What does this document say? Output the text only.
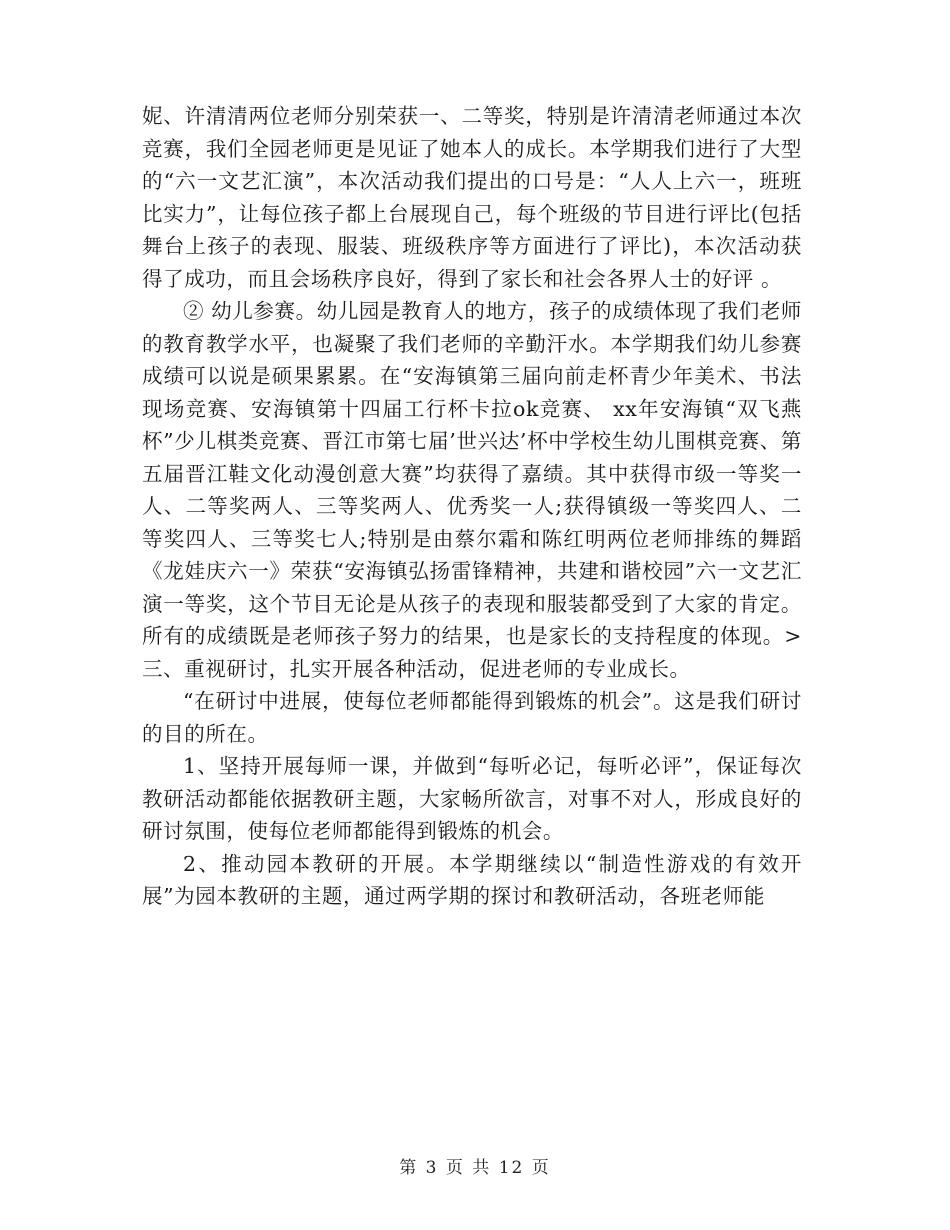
妮、许清清两位老师分别荣获一、二等奖，特别是许清清老师通过本次竞赛，我们全园老师更是见证了她本人的成长。本学期我们进行了大型的“六一文艺汇演”，本次活动我们提出的口号是：“人人上六一，班班比实力”，让每位孩子都上台展现自己，每个班级的节目进行评比(包括舞台上孩子的表现、服装、班级秩序等方面进行了评比)，本次活动获得了成功，而且会场秩序良好，得到了家长和社会各界人士的好评 。

② 幼儿参赛。幼儿园是教育人的地方，孩子的成绩体现了我们老师的教育教学水平，也凝聚了我们老师的辛勤汗水。本学期我们幼儿参赛成绩可以说是硕果累累。在“安海镇第三届向前走杯青少年美术、书法现场竞赛、安海镇第十四届工行杯卡拉ok竞赛、 xx年安海镇“双飞燕杯”少儿棋类竞赛、晋江市第七届’世兴达’杯中学校生幼儿围棋竞赛、第五届晋江鞋文化动漫创意大赛”均获得了嘉绩。其中获得市级一等奖一人、二等奖两人、三等奖两人、优秀奖一人;获得镇级一等奖四人、二等奖四人、三等奖七人;特别是由蔡尔霜和陈红明两位老师排练的舞蹈《龙娃庆六一》荣获“安海镇弘扬雷锋精神，共建和谐校园”六一文艺汇演一等奖，这个节目无论是从孩子的表现和服装都受到了大家的肯定。所有的成绩既是老师孩子努力的结果，也是家长的支持程度的体现。> 三、重视研讨，扎实开展各种活动，促进老师的专业成长。

“在研讨中进展，使每位老师都能得到锻炼的机会”。这是我们研讨的目的所在。

1、坚持开展每师一课，并做到“每听必记，每听必评”，保证每次教研活动都能依据教研主题，大家畅所欲言，对事不对人，形成良好的研讨氛围，使每位老师都能得到锻炼的机会。

2、推动园本教研的开展。本学期继续以“制造性游戏的有效开展”为园本教研的主题，通过两学期的探讨和教研活动，各班老师能

第 3 页 共 12 页
